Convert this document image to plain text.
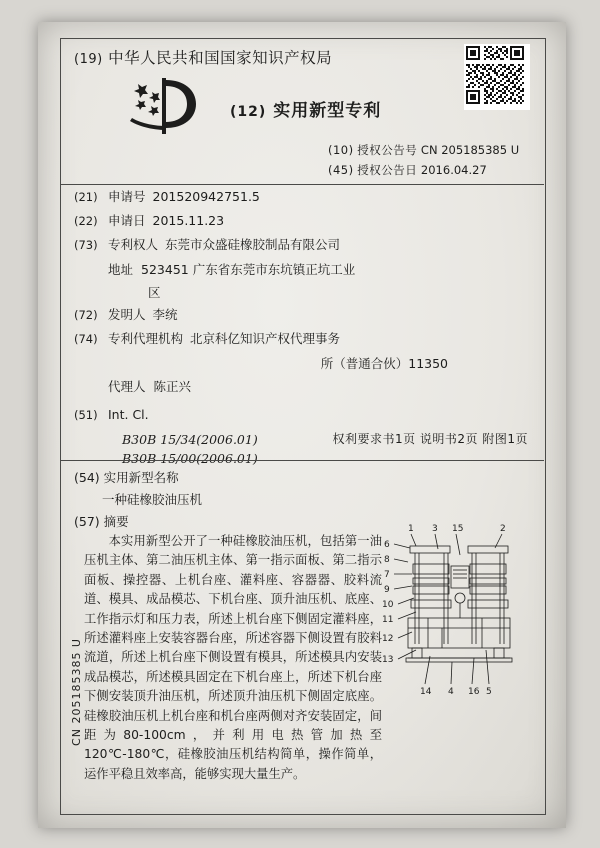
(19) 中华人民共和国国家知识产权局
(12) 实用新型专利
(10) 授权公告号 CN 205185385 U
(45) 授权公告日 2016.04.27
(21) 申请号 201520942751.5
(22) 申请日 2015.11.23
(73) 专利权人 东莞市众盛硅橡胶制品有限公司
地址 523451 广东省东莞市东坑镇正坑工业
区
(72) 发明人 李统
(74) 专利代理机构 北京科亿知识产权代理事务
所（普通合伙）11350
代理人 陈正兴
(51) Int. Cl.
B30B 15/34(2006.01)
B30B 15/00(2006.01)
权利要求书1页 说明书2页 附图1页
(54) 实用新型名称
一种硅橡胶油压机
(57) 摘要

本实用新型公开了一种硅橡胶油压机，包括第一油压机主体、第二油压机主体、第一指示面板、第二指示面板、操控器、上机台座、灌料座、容器器、胶料流道、模具、成品模芯、下机台座、顶升油压机、底座、工作指示灯和压力表，所述上机台座下侧固定灌料座，所述灌料座上安装容器台座，所述容器下侧设置有胶料流道，所述上机台座下侧设置有模具，所述模具内安装成品模芯，所述模具固定在下机台座上，所述下机台座下侧安装顶升油压机，所述顶升油压机下侧固定底座。硅橡胶油压机上机台座和机台座两侧对齐安装固定，间距为80-100cm，并利用电热管加热至120℃-180℃，硅橡胶油压机结构简单，操作简单，运作平稳且效率高，能够实现大量生产。

1 3 15	2
6
8
7
9
10
11
12
13
14 4 16 5
CN 205185385 U
